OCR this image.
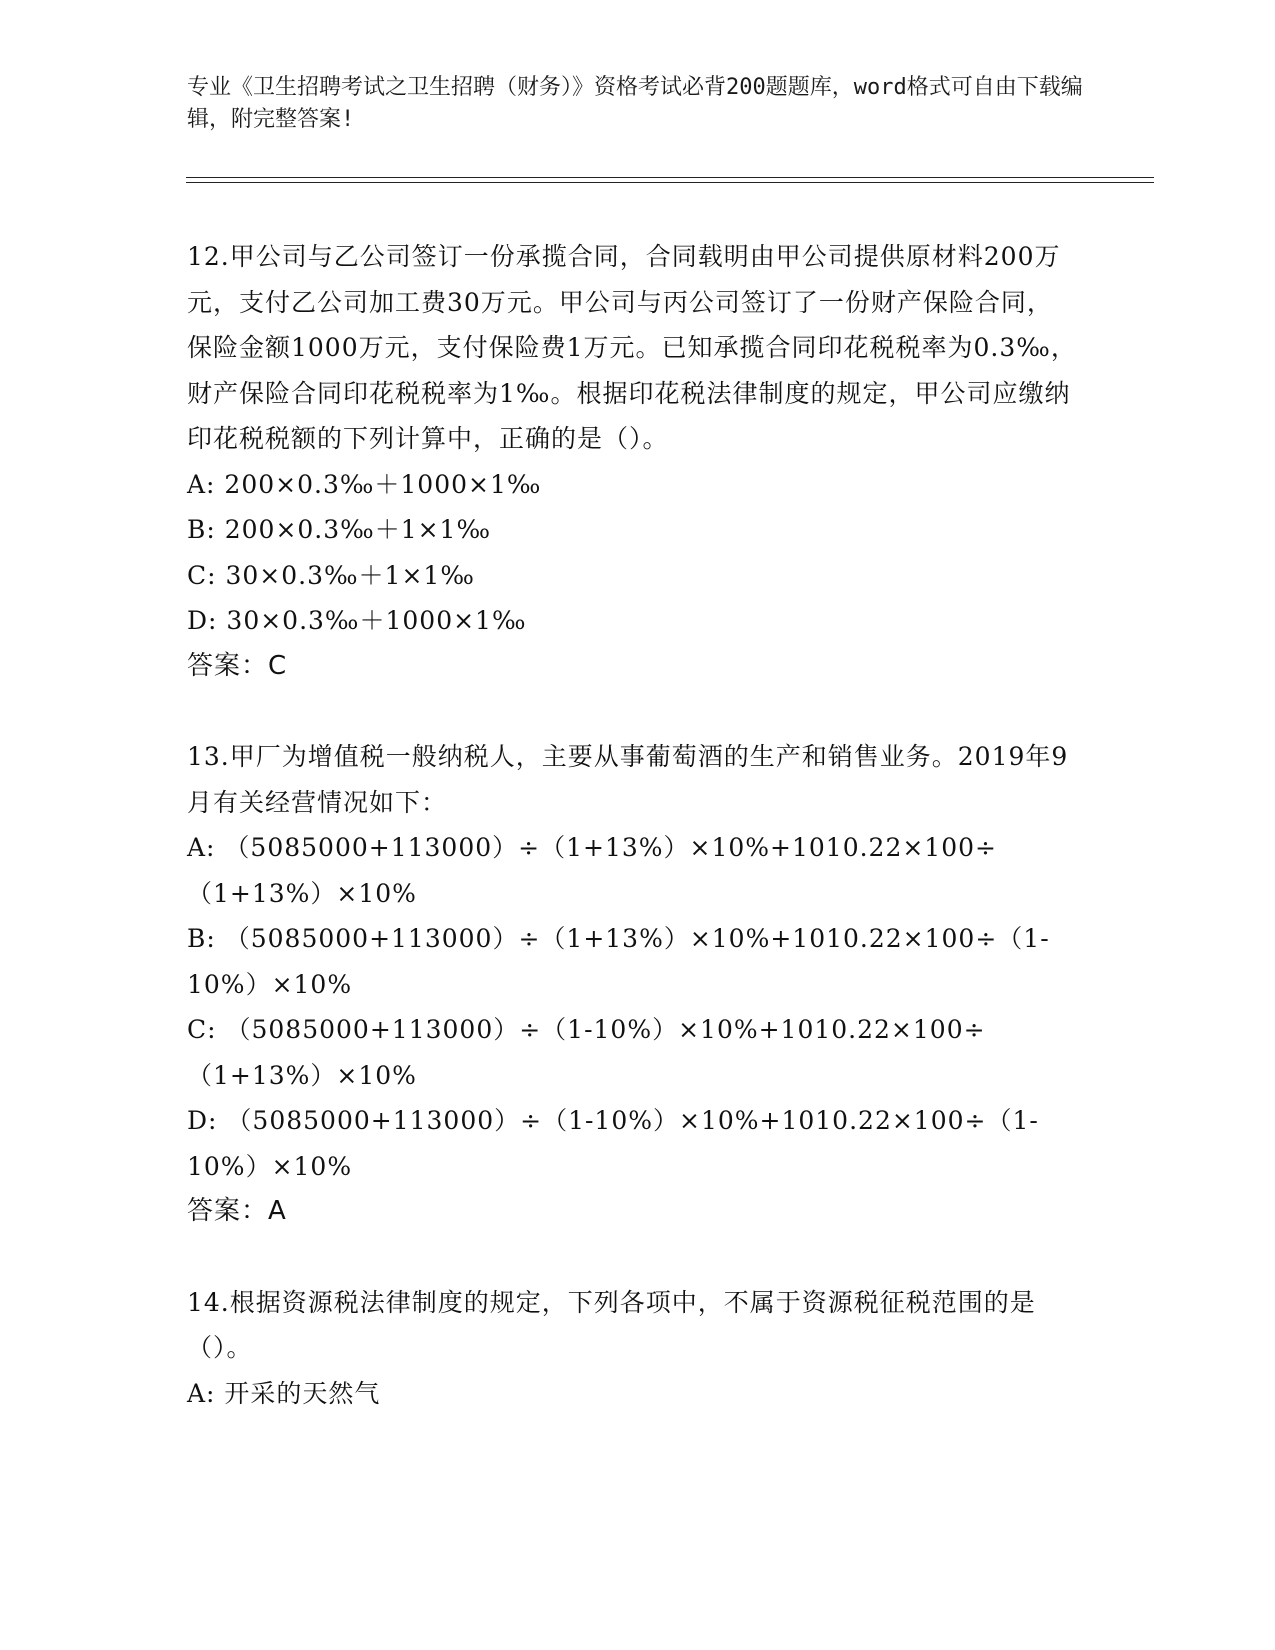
专业《卫生招聘考试之卫生招聘（财务）》资格考试必背200题题库，word格式可自由下载编辑，附完整答案!

12.甲公司与乙公司签订一份承揽合同，合同载明由甲公司提供原材料200万元，支付乙公司加工费30万元。甲公司与丙公司签订了一份财产保险合同，保险金额1000万元，支付保险费1万元。已知承揽合同印花税税率为0.3‰，财产保险合同印花税税率为1‰。根据印花税法律制度的规定，甲公司应缴纳印花税税额的下列计算中，正确的是（）。

A: 200×0.3‰＋1000×1‰

B: 200×0.3‰＋1×1‰

C: 30×0.3‰＋1×1‰

D: 30×0.3‰＋1000×1‰

答案：C

13.甲厂为增值税一般纳税人，主要从事葡萄酒的生产和销售业务。2019年9月有关经营情况如下：

A: （5085000+113000）÷（1+13%）×10%+1010.22×100÷（1+13%）×10%

B: （5085000+113000）÷（1+13%）×10%+1010.22×100÷（1-10%）×10%

C: （5085000+113000）÷（1-10%）×10%+1010.22×100÷（1+13%）×10%

D: （5085000+113000）÷（1-10%）×10%+1010.22×100÷（1-10%）×10%

答案：A

14.根据资源税法律制度的规定，下列各项中，不属于资源税征税范围的是（）。

A: 开采的天然气
